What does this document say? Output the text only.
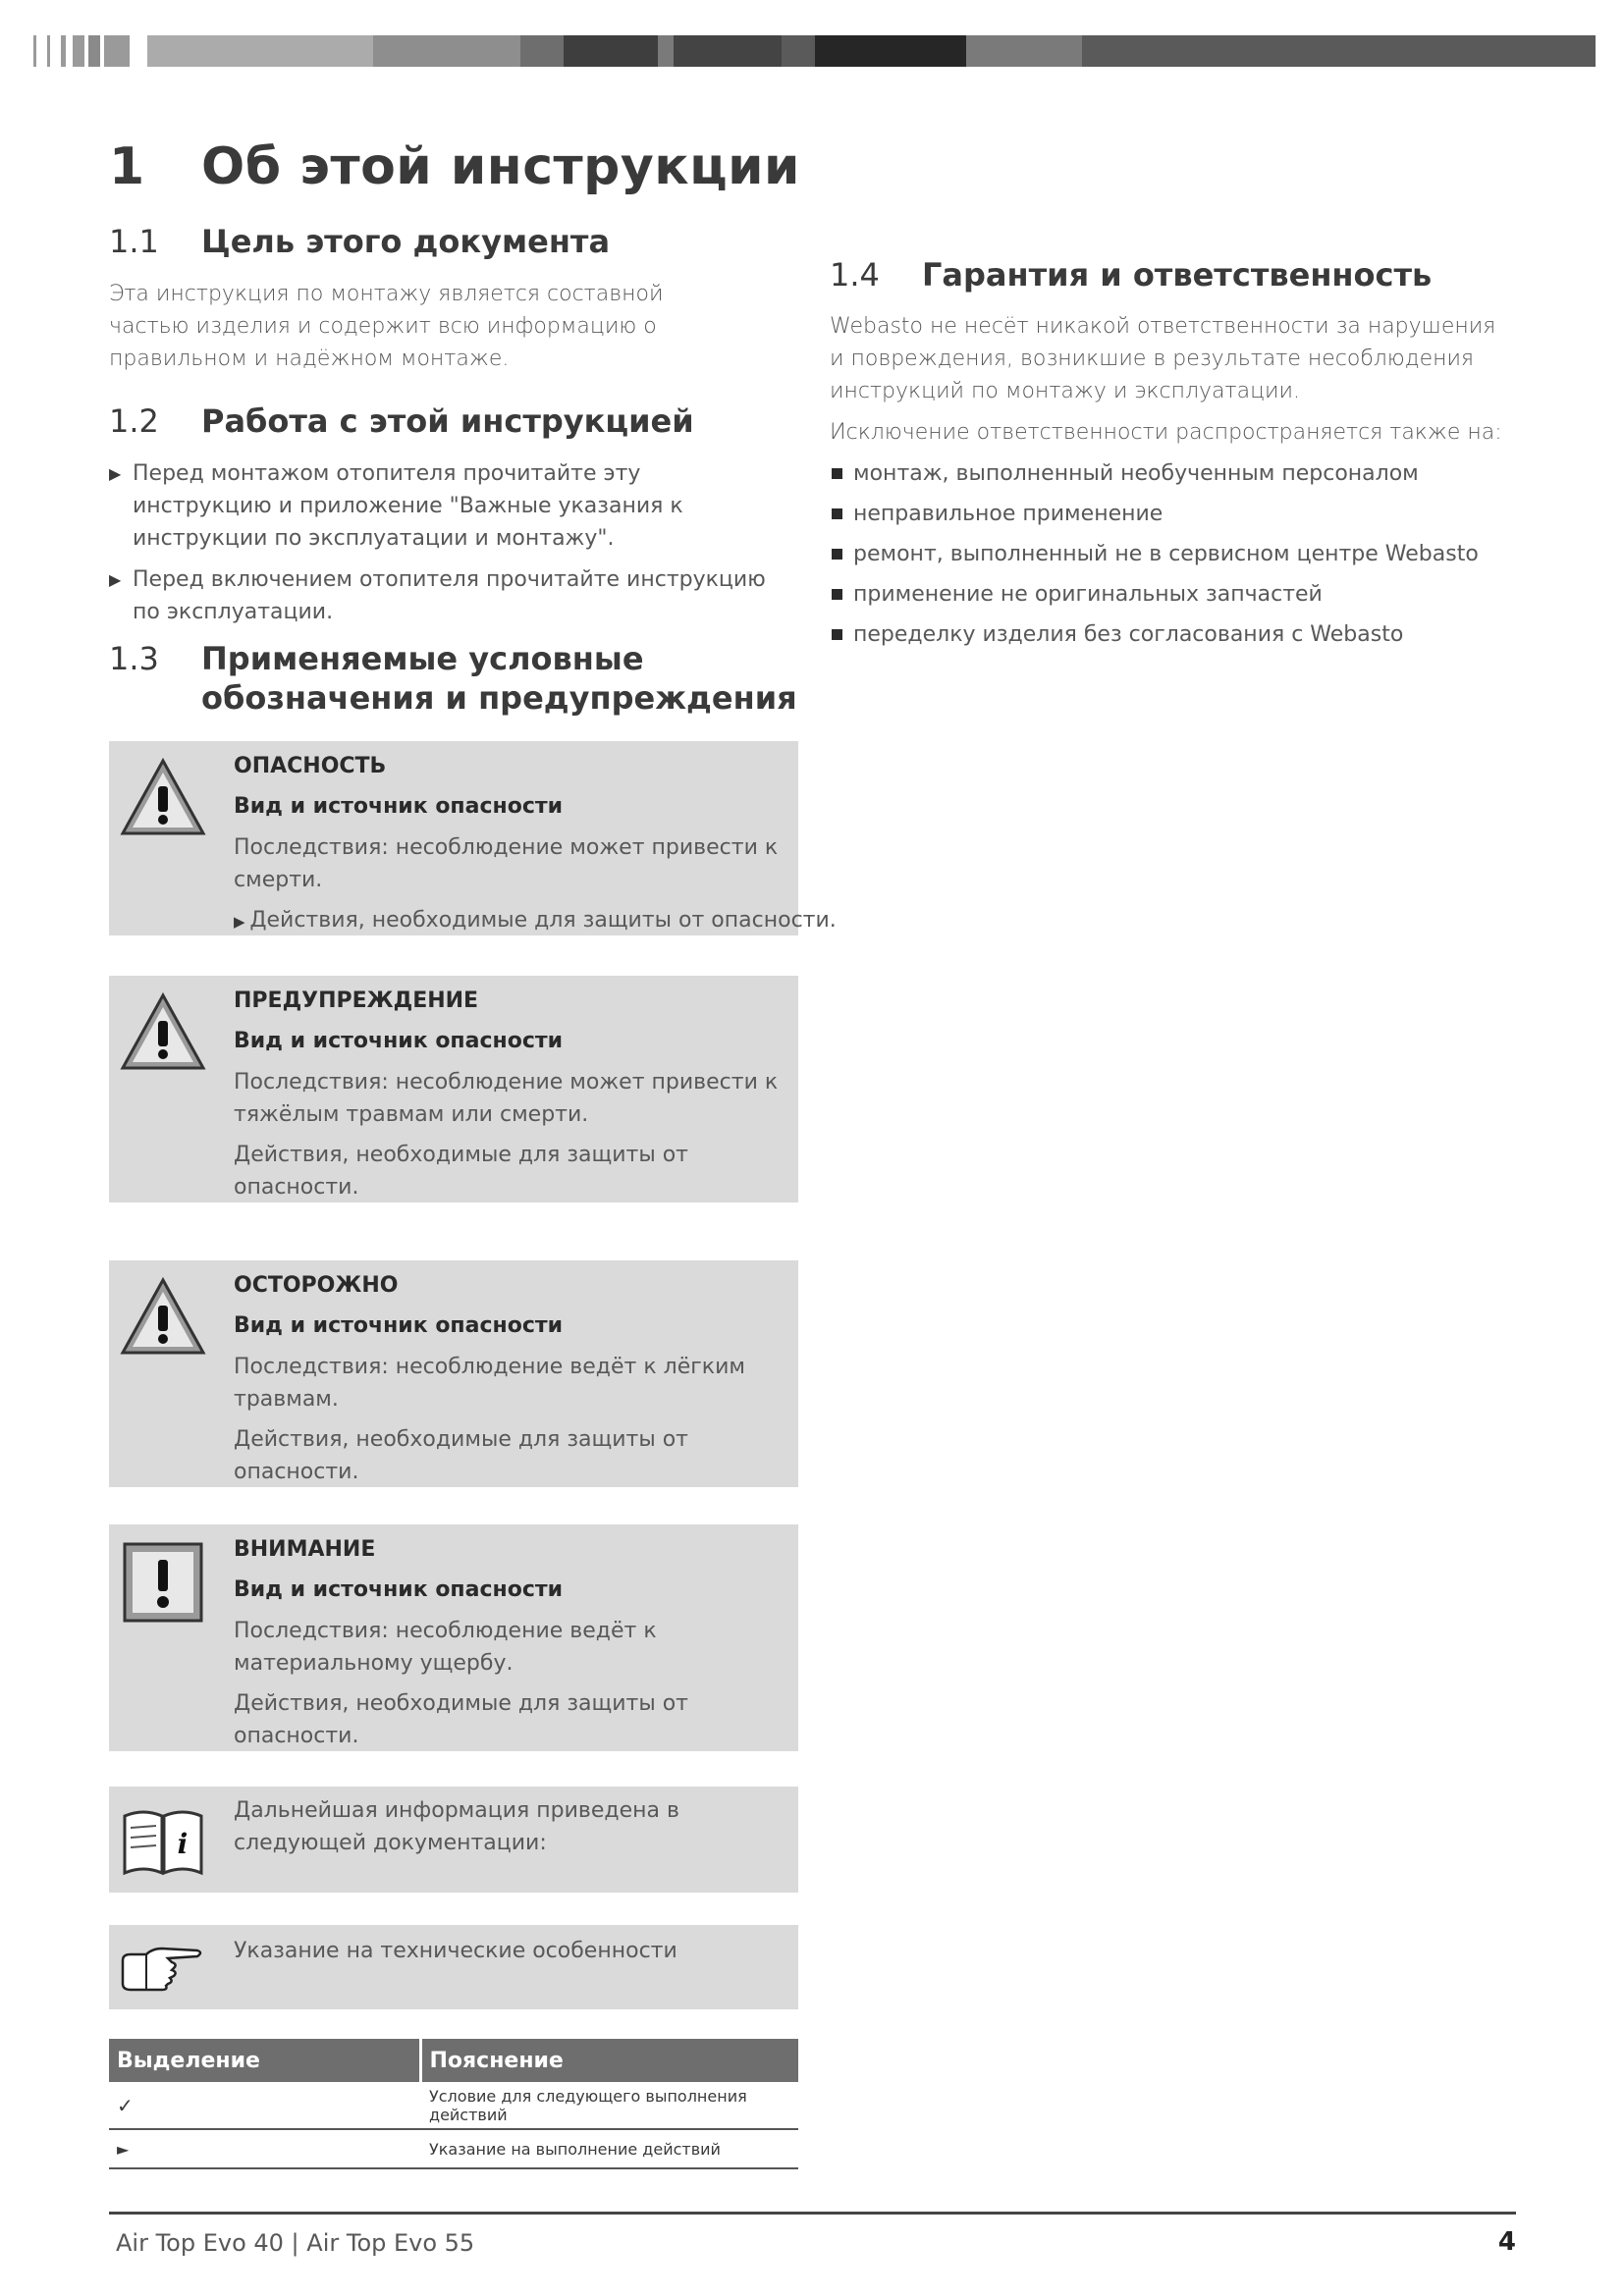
1 Об этой инструкции
1.1	Цель этого документа

Эта инструкция по монтажу является составной частью изделия и содержит всю информацию о правильном и надёжном монтаже.

1.2	Работа с этой инструкцией
▶ Перед монтажом отопителя прочитайте эту инструкцию и приложение "Важные указания к инструкции по эксплуатации и монтажу".
▶ Перед включением отопителя прочитайте инструкцию по эксплуатации.
1.3	Применяемые условные
обозначения и предупреждения

ОПАСНОСТЬ

Вид и источник опасности

Последствия: несоблюдение может привести к смерти.

▶ Действия, необходимые для защиты от опасности.

ПРЕДУПРЕЖДЕНИЕ

Вид и источник опасности

Последствия: несоблюдение может привести к тяжёлым травмам или смерти.

Действия, необходимые для защиты от опасности.

ОСТОРОЖНО

Вид и источник опасности

Последствия: несоблюдение ведёт к лёгким травмам.

Действия, необходимые для защиты от опасности.

ВНИМАНИЕ

Вид и источник опасности

Последствия: несоблюдение ведёт к материальному ущербу.

Действия, необходимые для защиты от опасности.

i

Дальнейшая информация приведена в следующей документации:

Указание на технические особенности

Выделение	Пояснение
✓	Условие для следующего выполнения действий
►	Указание на выполнение действий
1.4	Гарантия и ответственность

Webasto не несёт никакой ответственности за нарушения и повреждения, возникшие в результате несоблюдения инструкций по монтажу и эксплуатации.

Исключение ответственности распространяется также на:

монтаж, выполненный необученным персоналом
неправильное применение
ремонт, выполненный не в сервисном центре Webasto
применение не оригинальных запчастей
переделку изделия без согласования с Webasto
Air Top Evo 40 | Air Top Evo 55	4
